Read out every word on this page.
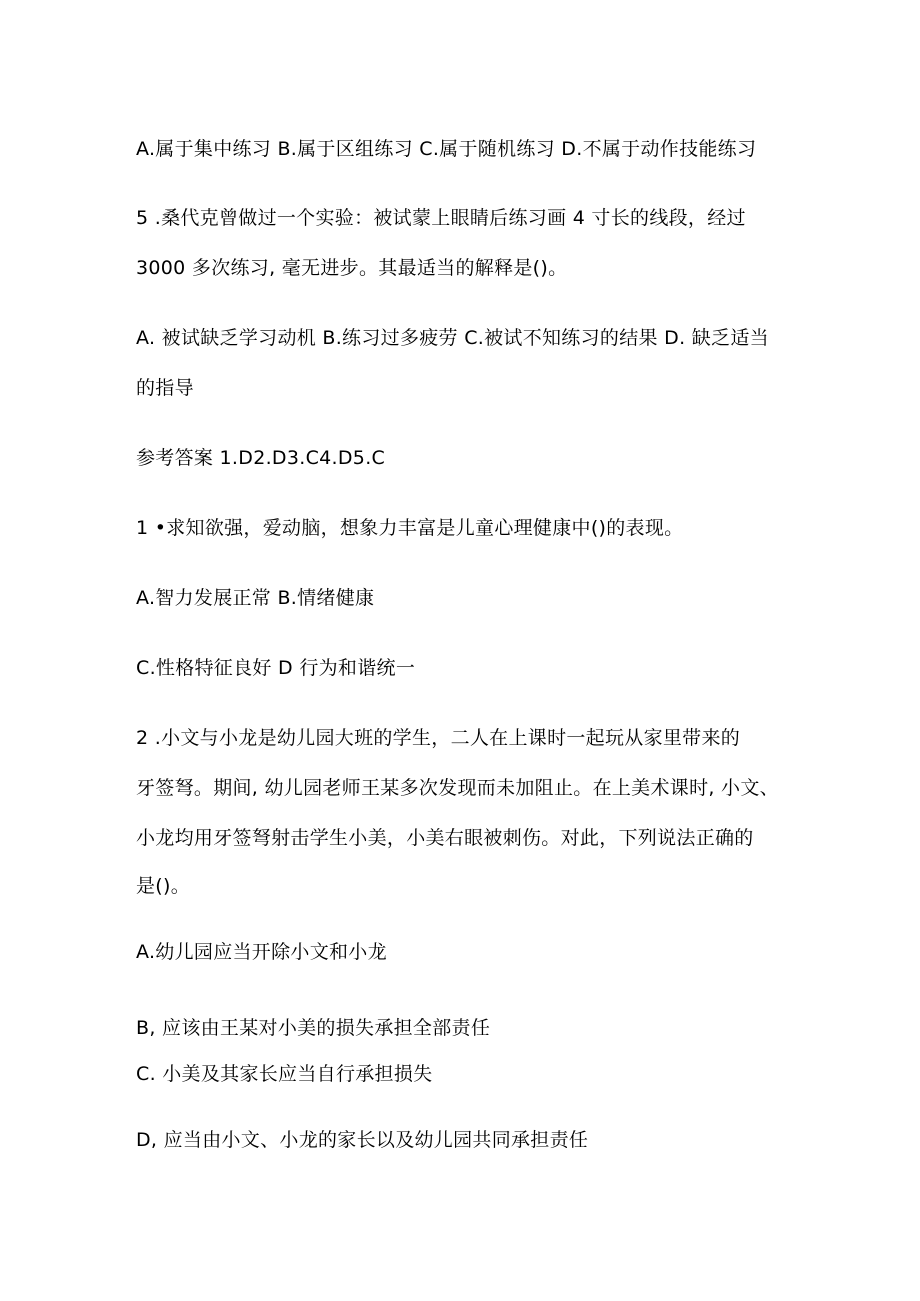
A.属于集中练习 B.属于区组练习 C.属于随机练习 D.不属于动作技能练习
5 .桑代克曾做过一个实验：被试蒙上眼睛后练习画 4 寸长的线段，经过
3000 多次练习, 毫无进步。其最适当的解释是()。
A. 被试缺乏学习动机 B.练习过多疲劳 C.被试不知练习的结果 D. 缺乏适当
的指导
参考答案 1.D2.D3.C4.D5.C
1 •求知欲强，爱动脑，想象力丰富是儿童心理健康中()的表现。
A.智力发展正常 B.情绪健康
C.性格特征良好 D 行为和谐统一
2 .小文与小龙是幼儿园大班的学生，二人在上课时一起玩从家里带来的
牙签弩。期间, 幼儿园老师王某多次发现而未加阻止。在上美术课时, 小文、
小龙均用牙签弩射击学生小美，小美右眼被刺伤。对此，下列说法正确的
是()。
A.幼儿园应当开除小文和小龙
B, 应该由王某对小美的损失承担全部责任
C. 小美及其家长应当自行承担损失
D, 应当由小文、小龙的家长以及幼儿园共同承担责任
